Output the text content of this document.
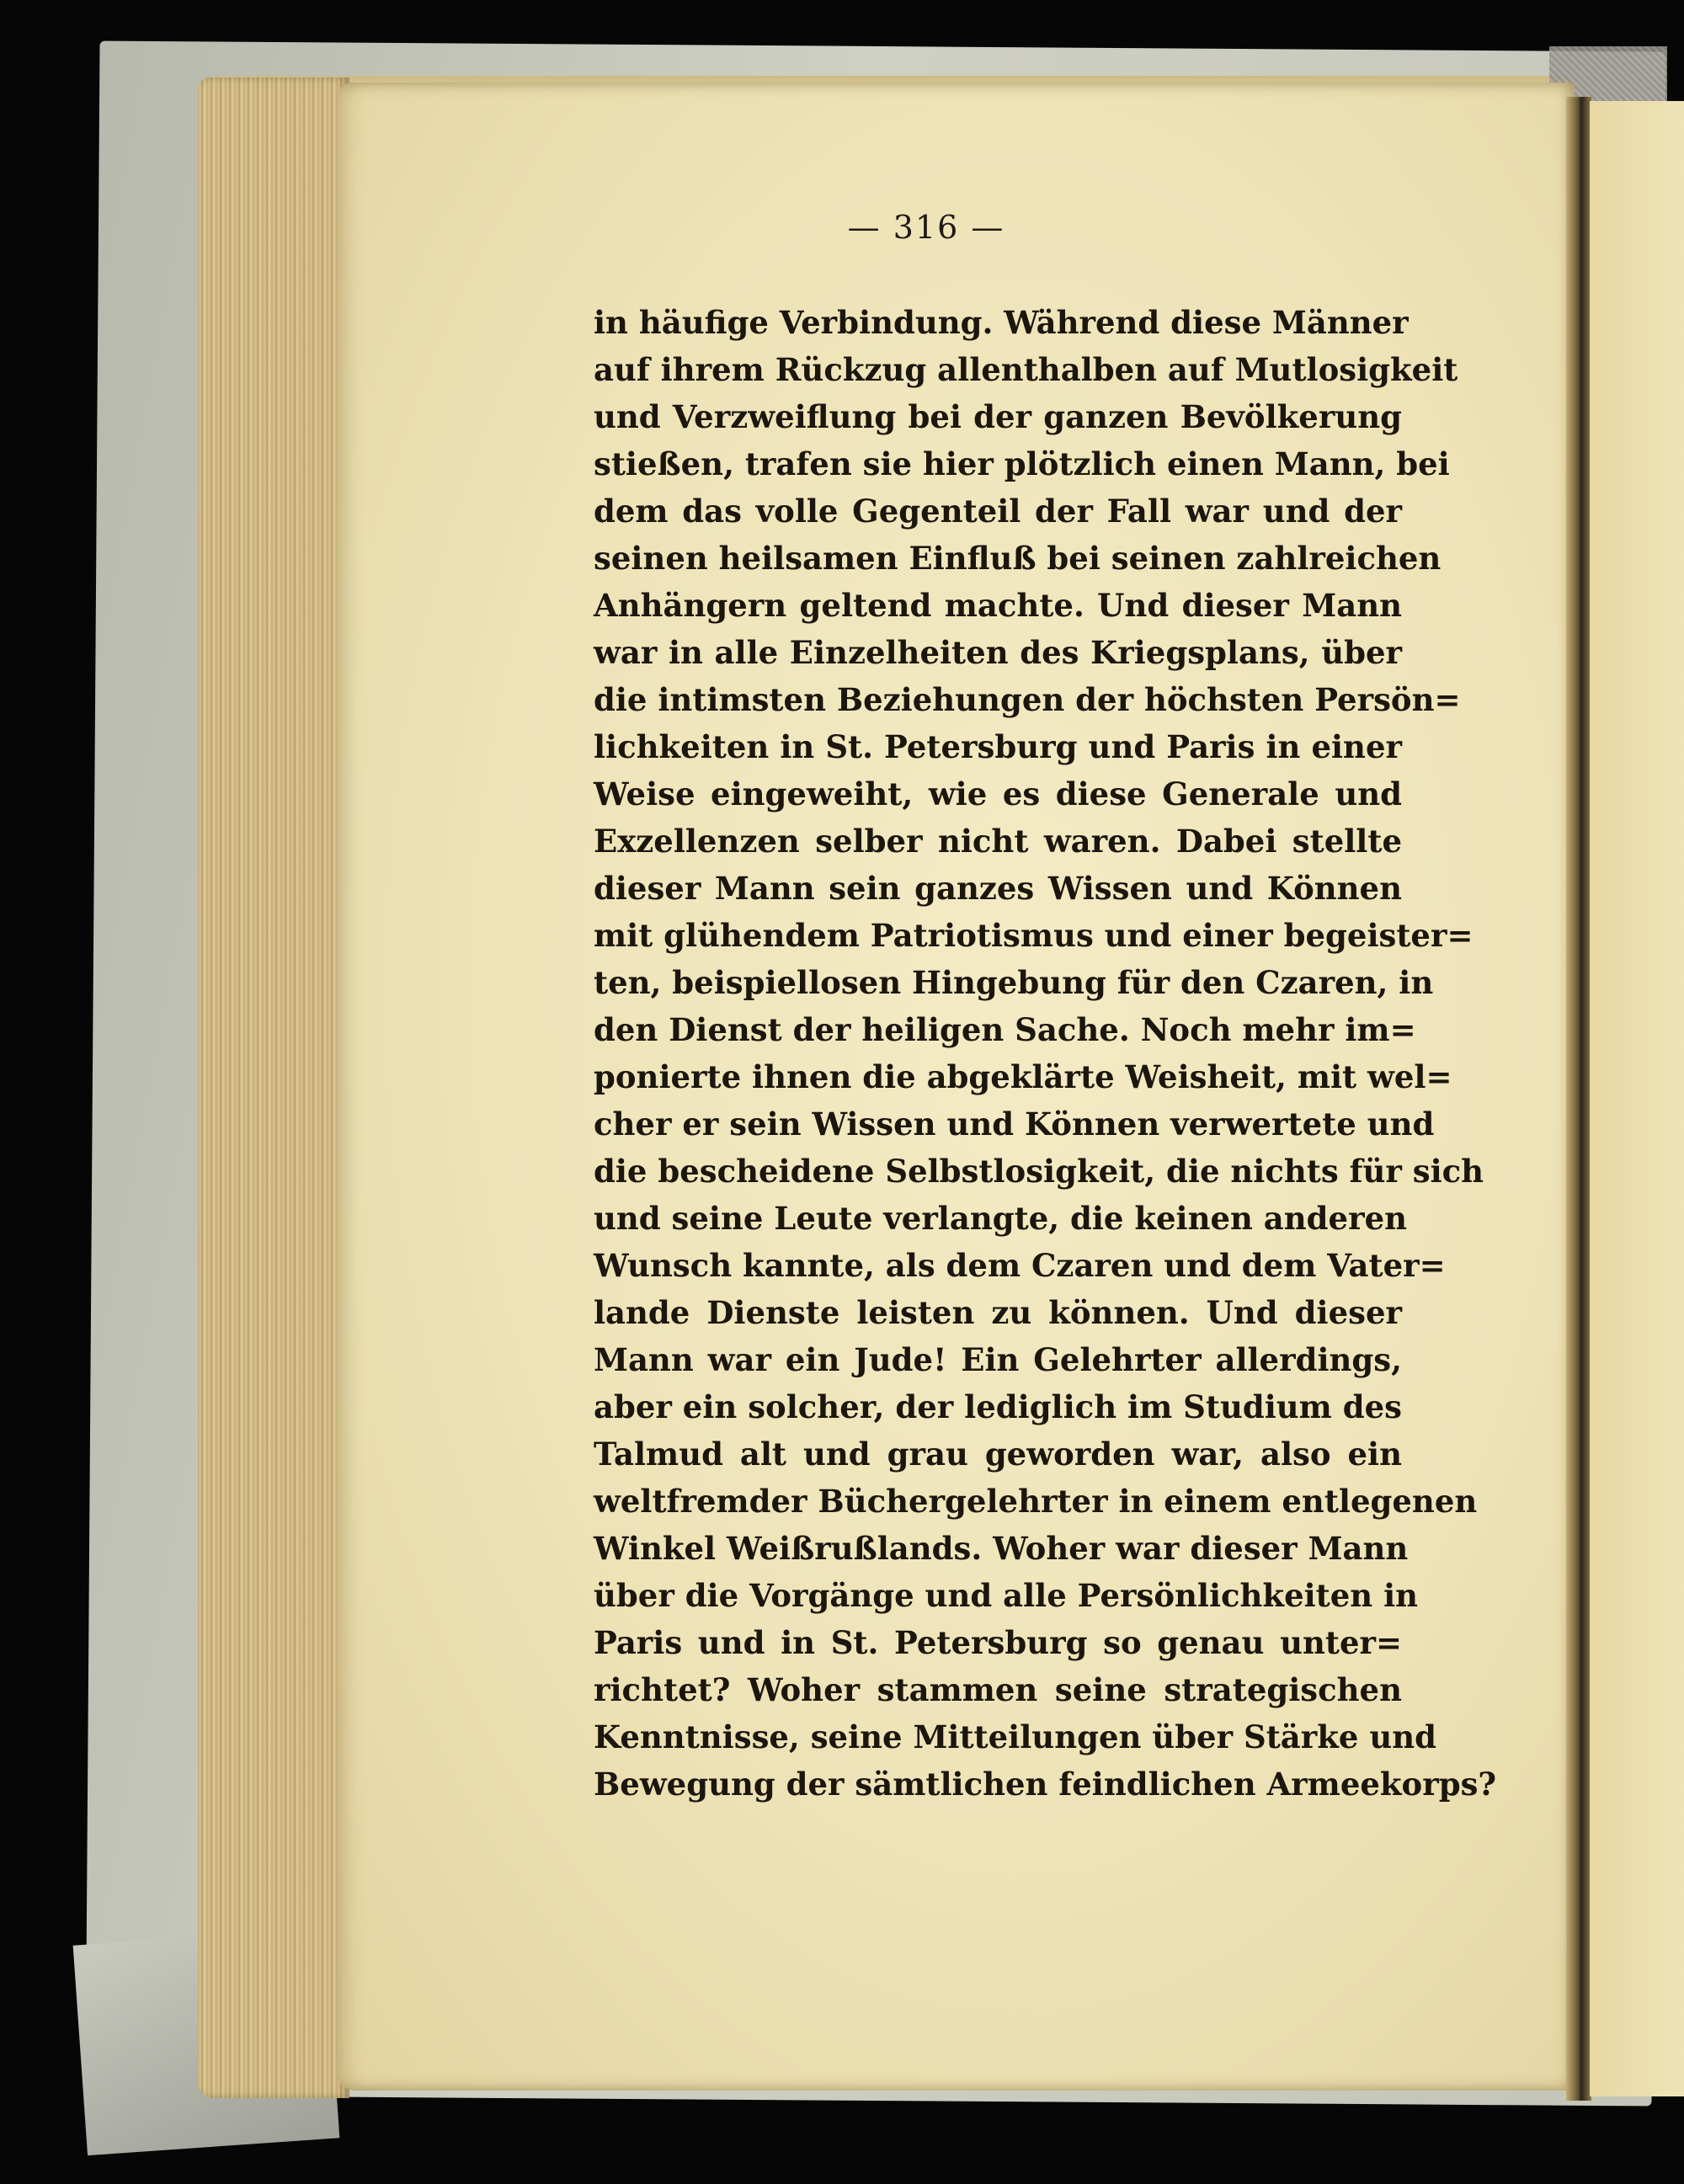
— 316 —
in häufige Verbindung. Während diese Männer
auf ihrem Rückzug allenthalben auf Mutlosigkeit
und Verzweiflung bei der ganzen Bevölkerung
stießen, trafen sie hier plötzlich einen Mann, bei
dem das volle Gegenteil der Fall war und der
seinen heilsamen Einfluß bei seinen zahlreichen
Anhängern geltend machte. Und dieser Mann
war in alle Einzelheiten des Kriegsplans, über
die intimsten Beziehungen der höchsten Persön=
lichkeiten in St. Petersburg und Paris in einer
Weise eingeweiht, wie es diese Generale und
Exzellenzen selber nicht waren. Dabei stellte
dieser Mann sein ganzes Wissen und Können
mit glühendem Patriotismus und einer begeister=
ten, beispiellosen Hingebung für den Czaren, in
den Dienst der heiligen Sache. Noch mehr im=
ponierte ihnen die abgeklärte Weisheit, mit wel=
cher er sein Wissen und Können verwertete und
die bescheidene Selbstlosigkeit, die nichts für sich
und seine Leute verlangte, die keinen anderen
Wunsch kannte, als dem Czaren und dem Vater=
lande Dienste leisten zu können. Und dieser
Mann war ein Jude! Ein Gelehrter allerdings,
aber ein solcher, der lediglich im Studium des
Talmud alt und grau geworden war, also ein
weltfremder Büchergelehrter in einem entlegenen
Winkel Weißrußlands. Woher war dieser Mann
über die Vorgänge und alle Persönlichkeiten in
Paris und in St. Petersburg so genau unter=
richtet? Woher stammen seine strategischen
Kenntnisse, seine Mitteilungen über Stärke und
Bewegung der sämtlichen feindlichen Armeekorps?
